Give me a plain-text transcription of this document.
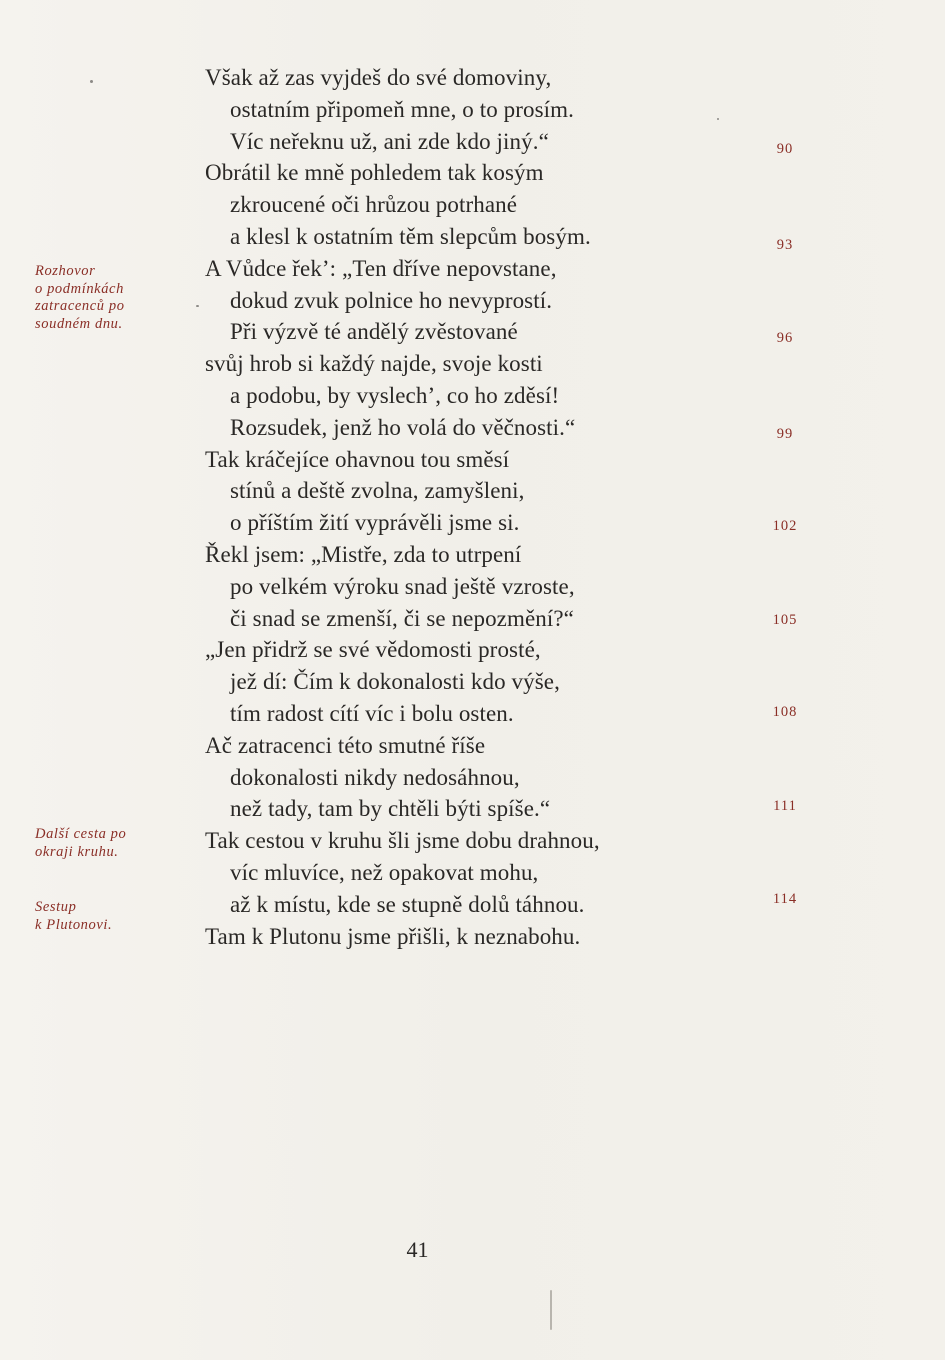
Však až zas vyjdeš do své domoviny,
ostatním připomeň mne, o to prosím.
Víc neřeknu už, ani zde kdo jiný.“
Obrátil ke mně pohledem tak kosým
zkroucené oči hrůzou potrhané
a klesl k ostatním těm slepcům bosým.
A Vůdce řek’: „Ten dříve nepovstane,
dokud zvuk polnice ho nevyprostí.
Při výzvě té andělý zvěstované
svůj hrob si každý najde, svoje kosti
a podobu, by vyslech’, co ho zděsí!
Rozsudek, jenž ho volá do věčnosti.“
Tak kráčejíce ohavnou tou směsí
stínů a deště zvolna, zamyšleni,
o příštím žití vyprávěli jsme si.
Řekl jsem: „Mistře, zda to utrpení
po velkém výroku snad ještě vzroste,
či snad se zmenší, či se nepozmění?“
„Jen přidrž se své vědomosti prosté,
jež dí: Čím k dokonalosti kdo výše,
tím radost cítí víc i bolu osten.
Ač zatracenci této smutné říše
dokonalosti nikdy nedosáhnou,
než tady, tam by chtěli býti spíše.“
Tak cestou v kruhu šli jsme dobu drahnou,
víc mluvíce, než opakovat mohu,
až k místu, kde se stupně dolů táhnou.
Tam k Plutonu jsme přišli, k neznabohu.
Rozhovor
o podmínkách
zatracenců po
soudném dnu.
Další cesta po
okraji kruhu.
Sestup
k Plutonovi.
90
93
96
99
102
105
108
111
114
41
